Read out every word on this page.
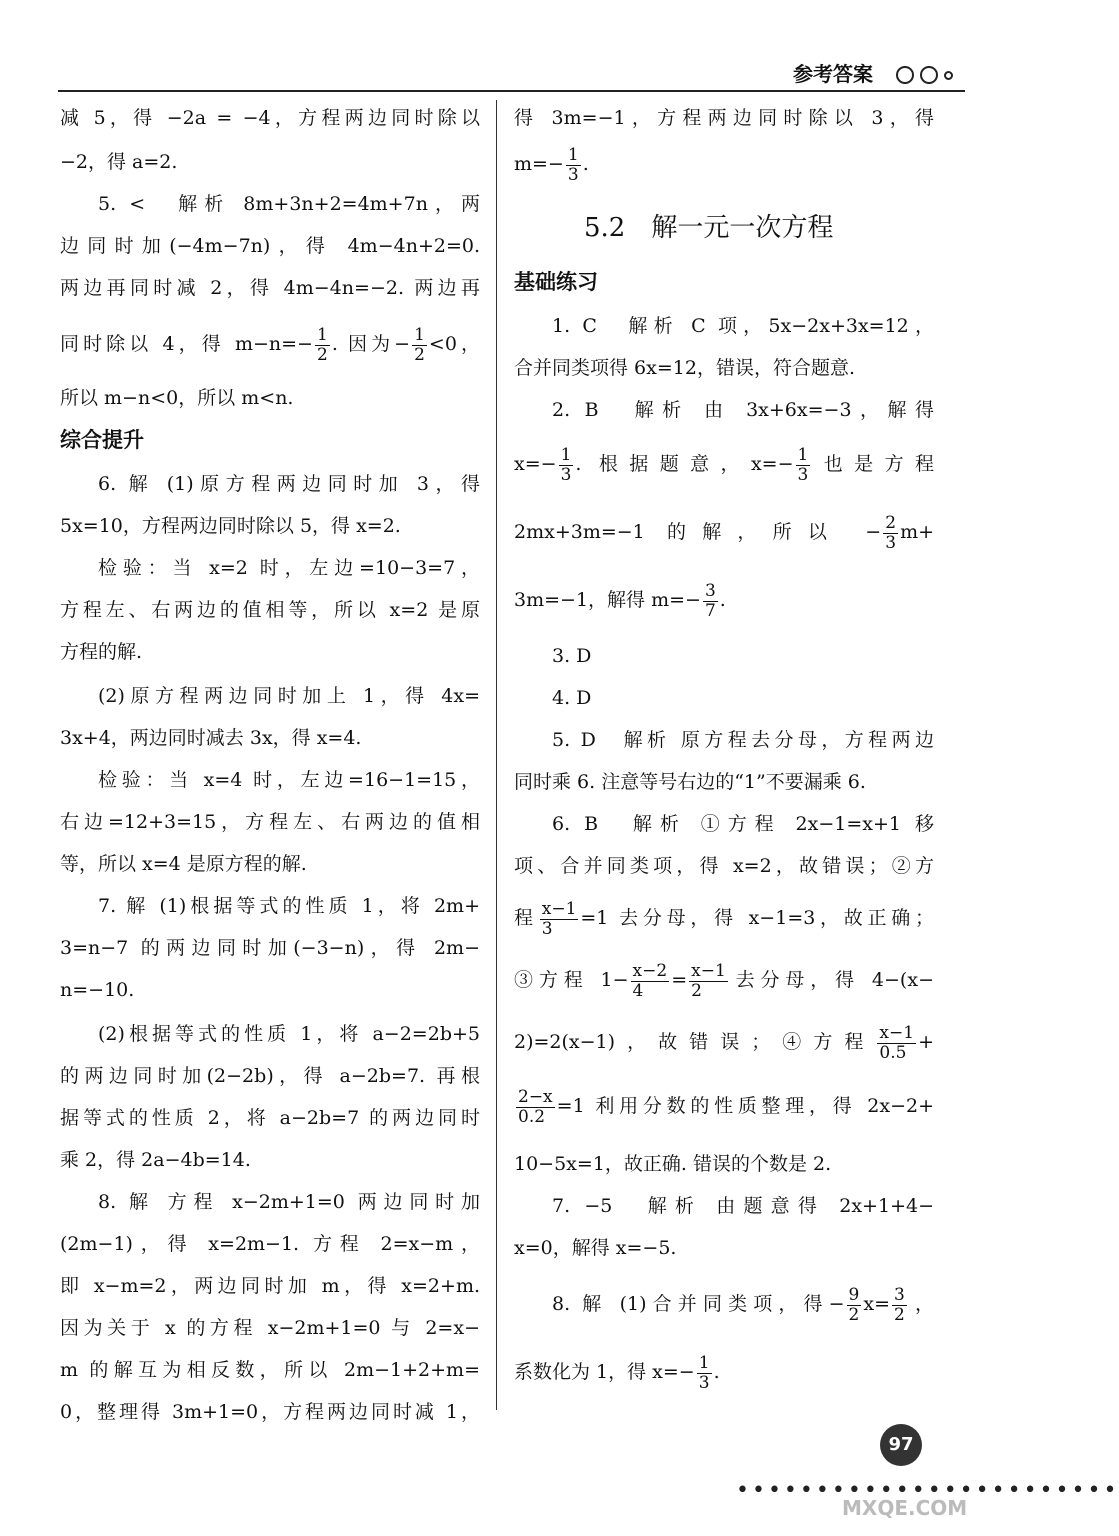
参考答案
减 5，得 −2a = −4，方程两边同时除以
−2，得 a=2.
5. <　解析 8m+3n+2=4m+7n，两
边同时加(−4m−7n)，得 4m−4n+2=0.
两边再同时减 2，得 4m−4n=−2. 两边再
同时除以 4，得 $m-n=- \frac{1}{2}$ . 因为− $\frac{1}{2} <0$，
所以 m−n<0，所以 m<n.
综合提升
6. 解 (1)原方程两边同时加 3，得
5x=10，方程两边同时除以 5，得 x=2.
检验：当 x=2 时，左边=10−3=7，
方程左、右两边的值相等，所以 x=2 是原
方程的解.
(2)原方程两边同时加上 1，得 4x=
3x+4，两边同时减去 3x，得 x=4.
检验：当 x=4 时，左边=16−1=15，
右边=12+3=15，方程左、右两边的值相
等，所以 x=4 是原方程的解.
7. 解 (1)根据等式的性质 1，将 2m+
3=n−7 的两边同时加(−3−n)，得 2m−
n=−10.
(2)根据等式的性质 1，将 a−2=2b+5
的两边同时加(2−2b)，得 a−2b=7. 再根
据等式的性质 2，将 a−2b=7 的两边同时
乘 2，得 2a−4b=14.
8. 解 方程 x−2m+1=0 两边同时加
(2m−1)，得 x=2m−1. 方程 2=x−m，
即 x−m=2，两边同时加 m，得 x=2+m.
因为关于 x 的方程 x−2m+1=0 与 2=x−
m 的解互为相反数，所以 2m−1+2+m=
0，整理得 3m+1=0，方程两边同时减 1，
得 3m=−1，方程两边同时除以 3，得
$m=- \frac{1}{3}$ .
5.2　解一元一次方程
基础练习
1. C　解析 C 项，5x−2x+3x=12，
合并同类项得 6x=12，错误，符合题意.
2. B　解析 由 3x+6x=−3，解得
$x=- \frac{1}{3}$ . 根据题意，$x=- \frac{1}{3}$ 也是方程
2mx+3m=−1 的解，所以 − $\frac{2}{3} m+$
3m=−1，解得 $m=- \frac{3}{7}$ .
3. D
4. D
5. D　解析 原方程去分母，方程两边
同时乘 6. 注意等号右边的“1”不要漏乘 6.
6. B　解析 ①方程 2x−1=x+1 移
项、合并同类项，得 x=2，故错误；②方
程 $\frac{x-1}{3} =1$ 去分母，得 x−1=3，故正确；
③方程 $1- \frac{x-2}{4} = \frac{x-1}{2}$ 去分母，得 4−(x−
2)=2(x−1)，故错误；④方程 $\frac{x-1}{0.5}$ +
$\frac{2-x}{0.2} =1$ 利用分数的性质整理，得 2x−2+
10−5x=1，故正确. 错误的个数是 2.
7. −5　解析 由题意得 2x+1+4−
x=0，解得 x=−5.
8. 解 (1)合并同类项，得− $\frac{9}{2} x= \frac{3}{2}$ ，
系数化为 1，得 $x=- \frac{1}{3}$ .
97
••••••••••••••••••••••••
MXQE.COM
